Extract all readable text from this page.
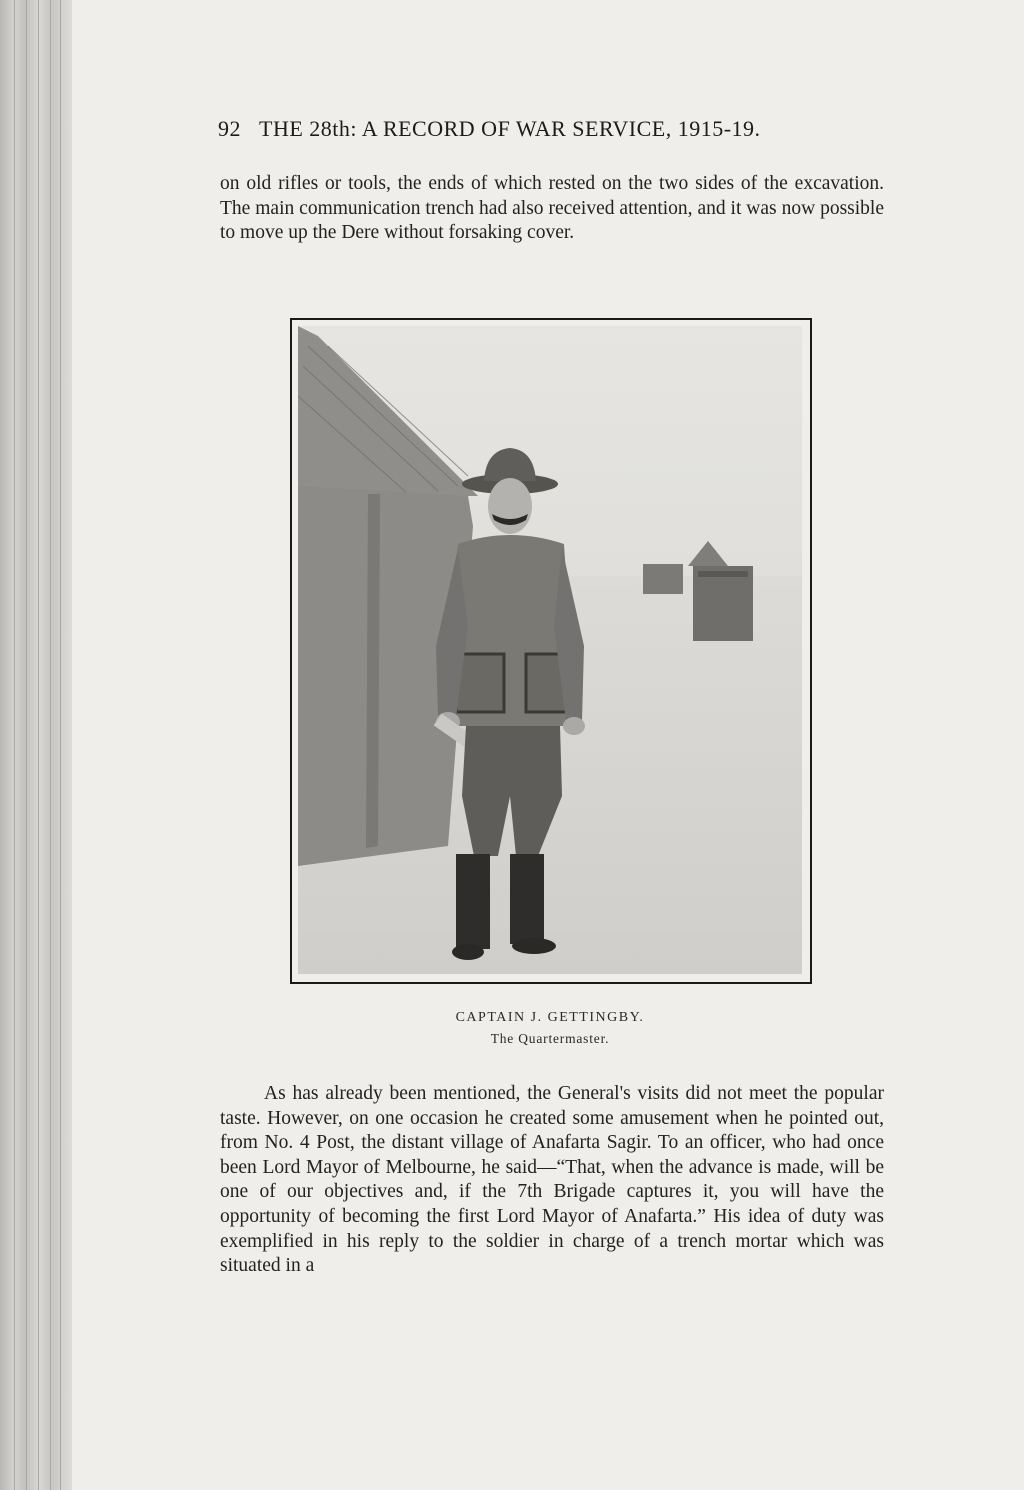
92 THE 28th: A RECORD OF WAR SERVICE, 1915-19.
on old rifles or tools, the ends of which rested on the two sides of the excavation. The main communication trench had also received attention, and it was now possible to move up the Dere without forsaking cover.
CAPTAIN J. GETTINGBY.
The Quartermaster.
As has already been mentioned, the General's visits did not meet the popular taste. However, on one occasion he created some amusement when he pointed out, from No. 4 Post, the distant village of Anafarta Sagir. To an officer, who had once been Lord Mayor of Melbourne, he said—“That, when the advance is made, will be one of our objectives and, if the 7th Brigade captures it, you will have the opportunity of becoming the first Lord Mayor of Anafarta.” His idea of duty was exemplified in his reply to the soldier in charge of a trench mortar which was situated in a
